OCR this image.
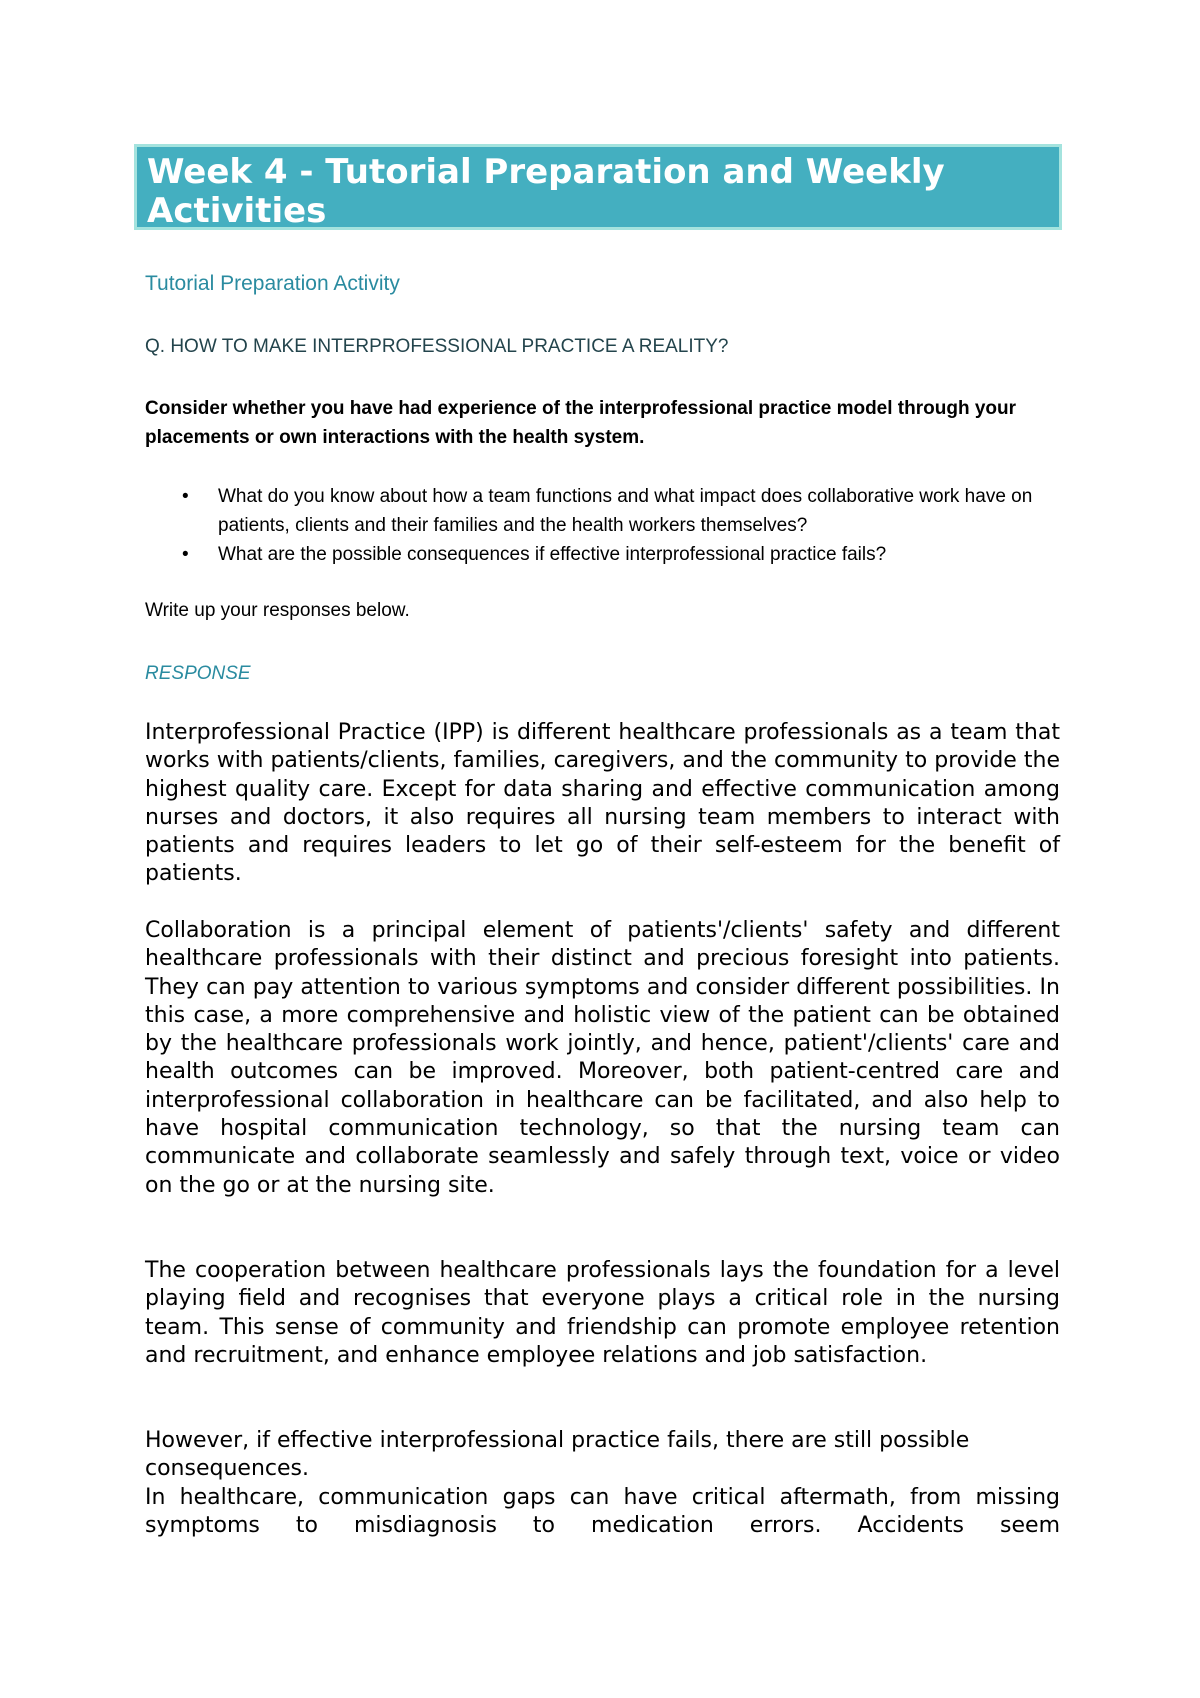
Week 4 - Tutorial Preparation and Weekly Activities

Tutorial Preparation Activity

Q. HOW TO MAKE INTERPROFESSIONAL PRACTICE A REALITY?

Consider whether you have had experience of the interprofessional practice model through your placements or own interactions with the health system.

• What do you know about how a team functions and what impact does collaborative work have on patients, clients and their families and the health workers themselves?
• What are the possible consequences if effective interprofessional practice fails?

Write up your responses below.

RESPONSE

Interprofessional Practice (IPP) is different healthcare professionals as a team that works with patients/clients, families, caregivers, and the community to provide the highest quality care. Except for data sharing and effective communication among nurses and doctors, it also requires all nursing team members to interact with patients and requires leaders to let go of their self-esteem for the benefit of patients.

Collaboration is a principal element of patients'/clients' safety and different healthcare professionals with their distinct and precious foresight into patients. They can pay attention to various symptoms and consider different possibilities. In this case, a more comprehensive and holistic view of the patient can be obtained by the healthcare professionals work jointly, and hence, patient'/clients' care and health outcomes can be improved. Moreover, both patient-centred care and interprofessional collaboration in healthcare can be facilitated, and also help to have hospital communication technology, so that the nursing team can communicate and collaborate seamlessly and safely through text, voice or video on the go or at the nursing site.

The cooperation between healthcare professionals lays the foundation for a level playing field and recognises that everyone plays a critical role in the nursing team. This sense of community and friendship can promote employee retention and recruitment, and enhance employee relations and job satisfaction.

However, if effective interprofessional practice fails, there are still possible consequences.

In healthcare, communication gaps can have critical aftermath, from missing symptoms to misdiagnosis to medication errors. Accidents seem
